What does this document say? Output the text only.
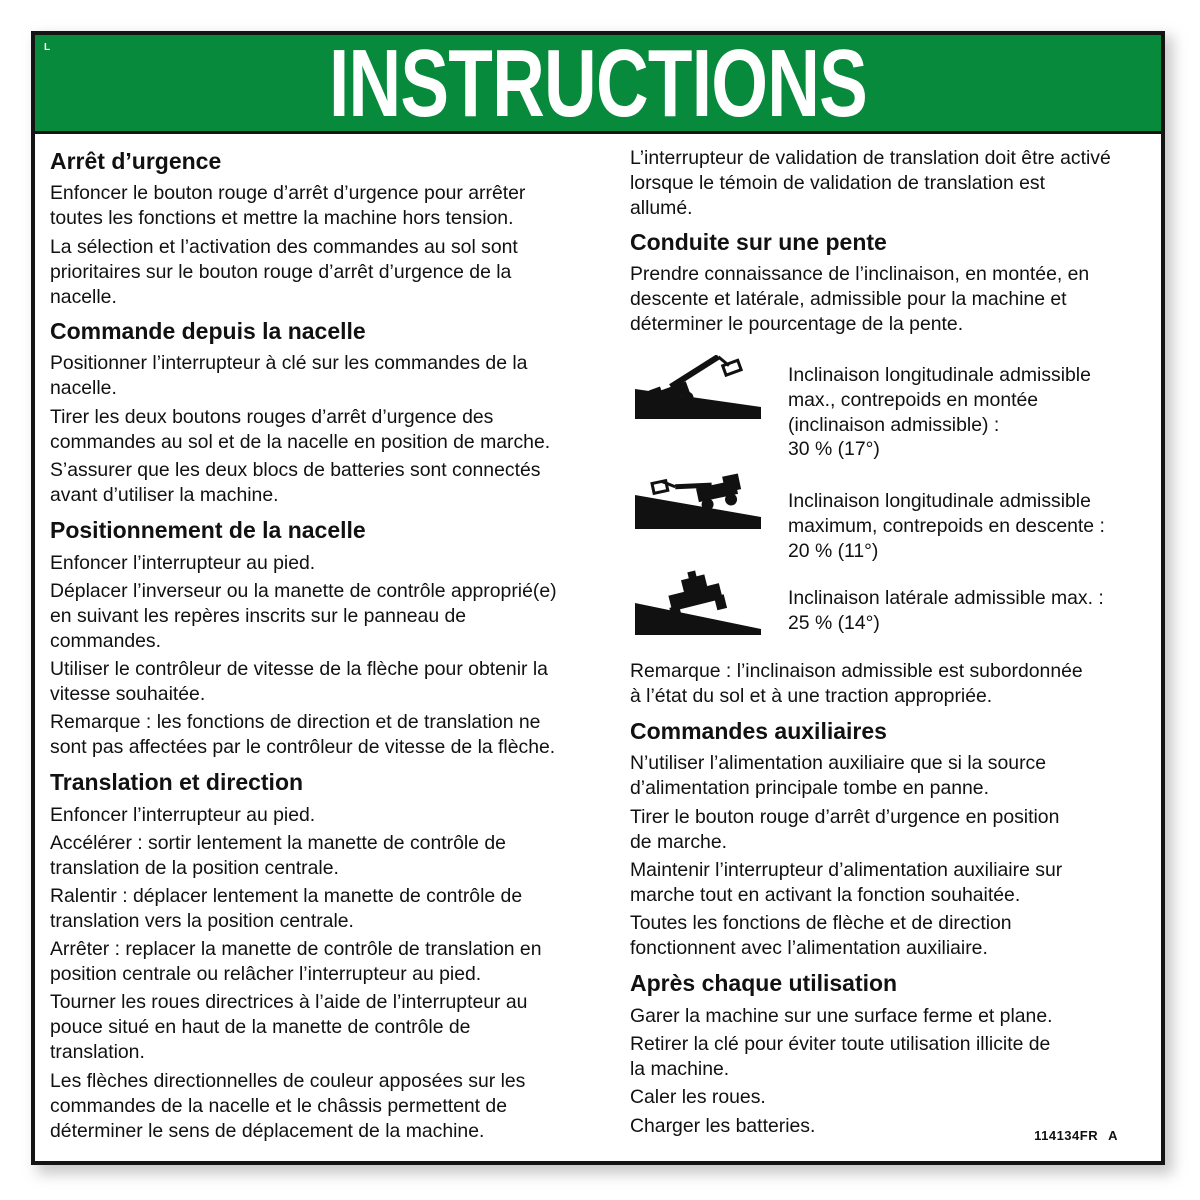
L	INSTRUCTIONS
Arrêt d’urgence
Enfoncer le bouton rouge d’arrêt d’urgence pour arrêter
toutes les fonctions et mettre la machine hors tension.
La sélection et l’activation des commandes au sol sont
prioritaires sur le bouton rouge d’arrêt d’urgence de la
nacelle.
Commande depuis la nacelle
Positionner l’interrupteur à clé sur les commandes de la
nacelle.
Tirer les deux boutons rouges d’arrêt d’urgence des
commandes au sol et de la nacelle en position de marche.
S’assurer que les deux blocs de batteries sont connectés
avant d’utiliser la machine.
Positionnement de la nacelle
Enfoncer l’interrupteur au pied.
Déplacer l’inverseur ou la manette de contrôle approprié(e)
en suivant les repères inscrits sur le panneau de
commandes.
Utiliser le contrôleur de vitesse de la flèche pour obtenir la
vitesse souhaitée.
Remarque : les fonctions de direction et de translation ne
sont pas affectées par le contrôleur de vitesse de la flèche.
Translation et direction
Enfoncer l’interrupteur au pied.
Accélérer : sortir lentement la manette de contrôle de
translation de la position centrale.
Ralentir : déplacer lentement la manette de contrôle de
translation vers la position centrale.
Arrêter : replacer la manette de contrôle de translation en
position centrale ou relâcher l’interrupteur au pied.
Tourner les roues directrices à l’aide de l’interrupteur au
pouce situé en haut de la manette de contrôle de
translation.
Les flèches directionnelles de couleur apposées sur les
commandes de la nacelle et le châssis permettent de
déterminer le sens de déplacement de la machine.
L’interrupteur de validation de translation doit être activé
lorsque le témoin de validation de translation est
allumé.
Conduite sur une pente
Prendre connaissance de l’inclinaison, en montée, en
descente et latérale, admissible pour la machine et
déterminer le pourcentage de la pente.
Inclinaison longitudinale admissible
max., contrepoids en montée
(inclinaison admissible) :
30 % (17°)
Inclinaison longitudinale admissible
maximum, contrepoids en descente :
20 % (11°)
Inclinaison latérale admissible max. :
25 % (14°)
Remarque : l’inclinaison admissible est subordonnée
à l’état du sol et à une traction appropriée.
Commandes auxiliaires
N’utiliser l’alimentation auxiliaire que si la source
d’alimentation principale tombe en panne.
Tirer le bouton rouge d’arrêt d’urgence en position
de marche.
Maintenir l’interrupteur d’alimentation auxiliaire sur
marche tout en activant la fonction souhaitée.
Toutes les fonctions de flèche et de direction
fonctionnent avec l’alimentation auxiliaire.
Après chaque utilisation
Garer la machine sur une surface ferme et plane.
Retirer la clé pour éviter toute utilisation illicite de
la machine.
Caler les roues.
Charger les batteries.	114134FR A
